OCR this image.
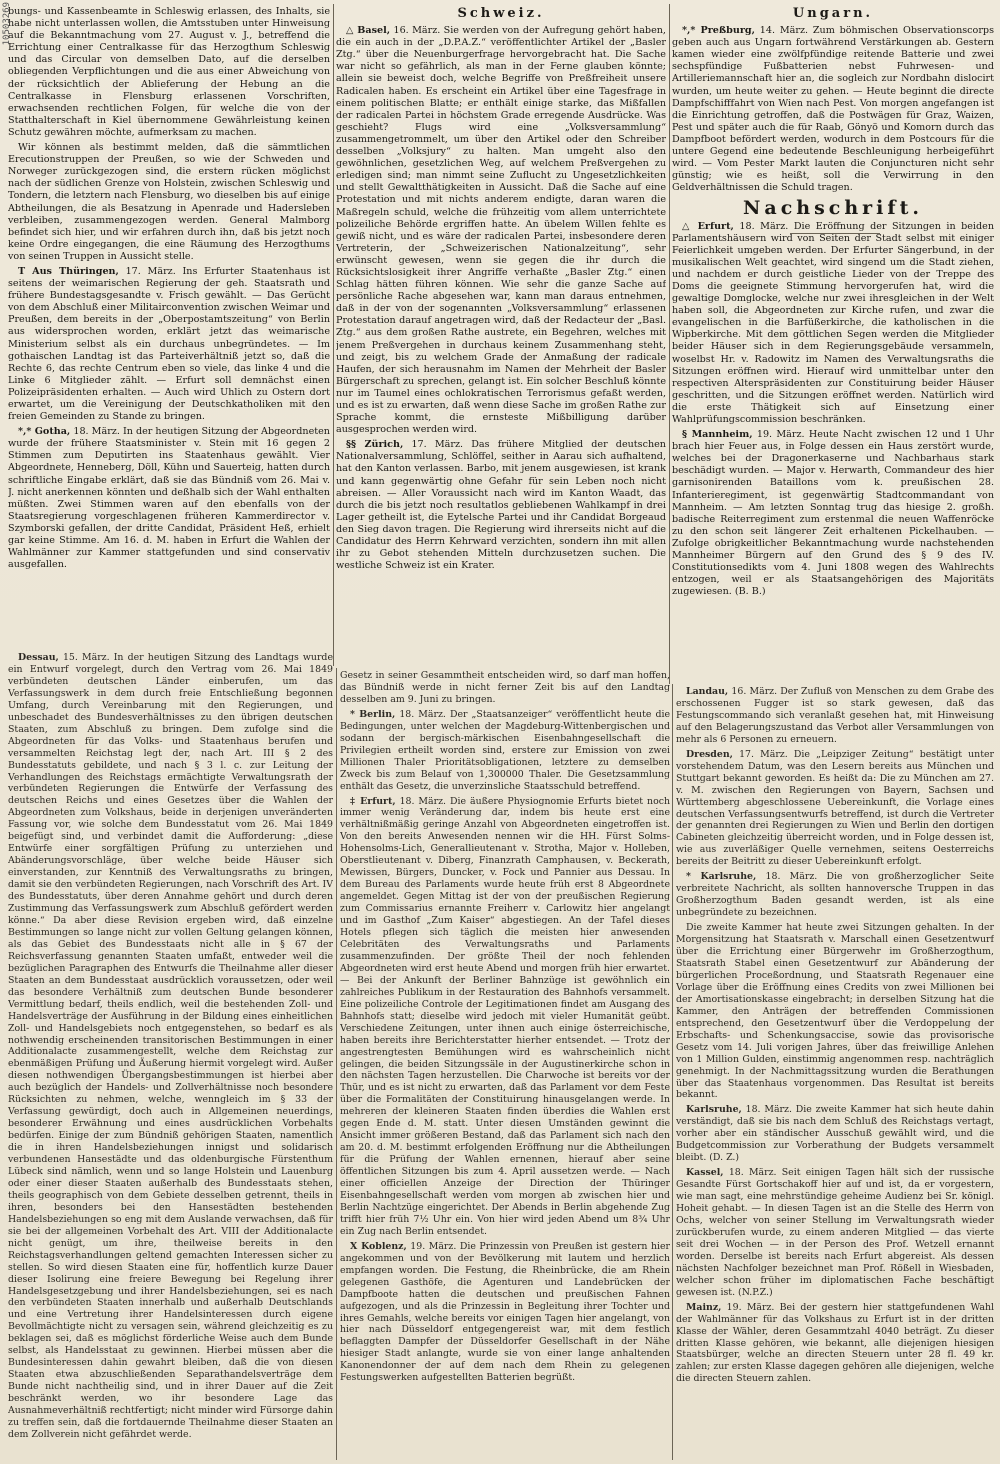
10503269

bungs- und Kassenbeamte in Schleswig erlassen, des Inhalts, sie habe nicht unterlassen wollen, die Amtsstuben unter Hinweisung auf die Bekanntmachung vom 27. August v. J., betreffend die Errichtung einer Centralkasse für das Herzogthum Schleswig und das Circular von demselben Dato, auf die derselben obliegenden Verpflichtungen und die aus einer Abweichung von der rücksichtlich der Ablieferung der Hebung an die Centralkasse in Flensburg erlassenen Vorschriften, erwachsenden rechtlichen Folgen, für welche die von der Statthalterschaft in Kiel übernommene Gewährleistung keinen Schutz gewähren möchte, aufmerksam zu machen.

Wir können als bestimmt melden, daß die sämmtlichen Erecutionstruppen der Preußen, so wie der Schweden und Norweger zurückgezogen sind, die erstern rücken möglichst nach der südlichen Grenze von Holstein, zwischen Schleswig und Tondern, die letztern nach Flensburg, wo dieselben bis auf einige Abtheilungen, die als Besatzung in Apenrade und Hadersleben verbleiben, zusammengezogen werden. General Malmborg befindet sich hier, und wir erfahren durch ihn, daß bis jetzt noch keine Ordre eingegangen, die eine Räumung des Herzogthums von seinen Truppen in Aussicht stelle.

T Aus Thüringen, 17. März. Ins Erfurter Staatenhaus ist seitens der weimarischen Regierung der geh. Staatsrath und frühere Bundestagsgesandte v. Frisch gewählt. — Das Gerücht von dem Abschluß einer Militairconvention zwischen Weimar und Preußen, dem bereits in der „Oberpostamtszeitung“ von Berlin aus widersprochen worden, erklärt jetzt das weimarische Ministerium selbst als ein durchaus unbegründetes. — Im gothaischen Landtag ist das Parteiverhältniß jetzt so, daß die Rechte 6, das rechte Centrum eben so viele, das linke 4 und die Linke 6 Mitglieder zählt. — Erfurt soll demnächst einen Polizeipräsidenten erhalten. — Auch wird Uhlich zu Ostern dort erwartet, um die Vereinigung der Deutschkatholiken mit den freien Gemeinden zu Stande zu bringen.

*,* Gotha, 18. März. In der heutigen Sitzung der Abgeordneten wurde der frühere Staatsminister v. Stein mit 16 gegen 2 Stimmen zum Deputirten ins Staatenhaus gewählt. Vier Abgeordnete, Henneberg, Döll, Kühn und Sauerteig, hatten durch schriftliche Eingabe erklärt, daß sie das Bündniß vom 26. Mai v. J. nicht anerkennen könnten und deßhalb sich der Wahl enthalten müßten. Zwei Stimmen waren auf den ebenfalls von der Staatsregierung vorgeschlagenen früheren Kammerdirector v. Szymborski gefallen, der dritte Candidat, Präsident Heß, erhielt gar keine Stimme. Am 16. d. M. haben in Erfurt die Wahlen der Wahlmänner zur Kammer stattgefunden und sind conservativ ausgefallen.

Schweiz.

△ Basel, 16. März. Sie werden von der Aufregung gehört haben, die ein auch in der „D.P.A.Z.“ veröffentlichter Artikel der „Basler Ztg.“ über die Neuenburgerfrage hervorgebracht hat. Die Sache war nicht so gefährlich, als man in der Ferne glauben könnte; allein sie beweist doch, welche Begriffe von Preßfreiheit unsere Radicalen haben. Es erscheint ein Artikel über eine Tagesfrage in einem politischen Blatte; er enthält einige starke, das Mißfallen der radicalen Partei in höchstem Grade erregende Ausdrücke. Was geschieht? Flugs wird eine „Volksversammlung“ zusammengetrommelt, um über den Artikel oder den Schreiber desselben „Volksjury“ zu halten. Man umgeht also den gewöhnlichen, gesetzlichen Weg, auf welchem Preßvergehen zu erledigen sind; man nimmt seine Zuflucht zu Ungesetzlichkeiten und stellt Gewaltthätigkeiten in Aussicht. Daß die Sache auf eine Protestation und mit nichts anderem endigte, daran waren die Maßregeln schuld, welche die frühzeitig vom allem unterrichtete polizeiliche Behörde ergriffen hatte. An übelem Willen fehlte es gewiß nicht, und es wäre der radicalen Partei, insbesondere deren Vertreterin, der „Schweizerischen Nationalzeitung“, sehr erwünscht gewesen, wenn sie gegen die ihr durch die Rücksichtslosigkeit ihrer Angriffe verhaßte „Basler Ztg.“ einen Schlag hätten führen können. Wie sehr die ganze Sache auf persönliche Rache abgesehen war, kann man daraus entnehmen, daß in der von der sogenannten „Volksversammlung“ erlassenen Protestation darauf angetragen wird, daß der Redacteur der „Basl. Ztg.“ aus dem großen Rathe austrete, ein Begehren, welches mit jenem Preßvergehen in durchaus keinem Zusammenhang steht, und zeigt, bis zu welchem Grade der Anmaßung der radicale Haufen, der sich herausnahm im Namen der Mehrheit der Basler Bürgerschaft zu sprechen, gelangt ist. Ein solcher Beschluß könnte nur im Taumel eines ochlokratischen Terrorismus gefaßt werden, und es ist zu erwarten, daß wenn diese Sache im großen Rathe zur Sprache kommt, die ernsteste Mißbilligung darüber ausgesprochen werden wird.

§§ Zürich, 17. März. Das frühere Mitglied der deutschen Nationalversammlung, Schlöffel, seither in Aarau sich aufhaltend, hat den Kanton verlassen. Barbo, mit jenem ausgewiesen, ist krank und kann gegenwärtig ohne Gefahr für sein Leben noch nicht abreisen. — Aller Voraussicht nach wird im Kanton Waadt, das durch die bis jetzt noch resultatlos gebliebenen Wahlkampf in drei Lager getheilt ist, die Eytelsche Partei und ihr Candidat Borgeaud den Sieg davon tragen. Die Regierung wird ihrerseits nicht auf die Candidatur des Herrn Kehrward verzichten, sondern ihn mit allen ihr zu Gebot stehenden Mitteln durchzusetzen suchen. Die westliche Schweiz ist ein Krater.

Ungarn.

*,* Preßburg, 14. März. Zum böhmischen Observationscorps geben auch aus Ungarn fortwährend Verstärkungen ab. Gestern kamen wieder eine zwölfpfündige reitende Batterie und zwei sechspfündige Fußbatterien nebst Fuhrwesen- und Artilleriemannschaft hier an, die sogleich zur Nordbahn dislocirt wurden, um heute weiter zu gehen. — Heute beginnt die directe Dampfschifffahrt von Wien nach Pest. Von morgen angefangen ist die Einrichtung getroffen, daß die Postwägen für Graz, Waizen, Pest und später auch die für Raab, Gönyö und Komorn durch das Dampfboot befördert werden, wodurch in dem Postcours für die untere Gegend eine bedeutende Beschleunigung herbeigeführt wird. — Vom Pester Markt lauten die Conjuncturen nicht sehr günstig; wie es heißt, soll die Verwirrung in den Geldverhältnissen die Schuld tragen.

Nachschrift.

△ Erfurt, 18. März. Die Eröffnung der Sitzungen in beiden Parlamentshäusern wird von Seiten der Stadt selbst mit einiger Feierlichkeit umgeben werden. Der Erfurter Sängerbund, in der musikalischen Welt geachtet, wird singend um die Stadt ziehen, und nachdem er durch geistliche Lieder von der Treppe des Doms die geeignete Stimmung hervorgerufen hat, wird die gewaltige Domglocke, welche nur zwei ihresgleichen in der Welt haben soll, die Abgeordneten zur Kirche rufen, und zwar die evangelischen in die Barfüßerkirche, die katholischen in die Wipberkirche. Mit dem göttlichen Segen werden die Mitglieder beider Häuser sich in dem Regierungsgebäude versammeln, woselbst Hr. v. Radowitz im Namen des Verwaltungsraths die Sitzungen eröffnen wird. Hierauf wird unmittelbar unter den respectiven Alterspräsidenten zur Constituirung beider Häuser geschritten, und die Sitzungen eröffnet werden. Natürlich wird die erste Thätigkeit sich auf Einsetzung einer Wahlprüfungscommission beschränken.

§ Mannheim, 19. März. Heute Nacht zwischen 12 und 1 Uhr brach hier Feuer aus, in Folge dessen ein Haus zerstört wurde, welches bei der Dragonerkaserne und Nachbarhaus stark beschädigt wurden. — Major v. Herwarth, Commandeur des hier garnisonirenden Bataillons vom k. preußischen 28. Infanterieregiment, ist gegenwärtig Stadtcommandant von Mannheim. — Am letzten Sonntag trug das hiesige 2. großh. badische Reiterregiment zum erstenmal die neuen Waffenröcke zu den schon seit längerer Zeit erhaltenen Pickelhauben. — Zufolge obrigkeitlicher Bekanntmachung wurde nachstehenden Mannheimer Bürgern auf den Grund des § 9 des IV. Constitutionsedikts vom 4. Juni 1808 wegen des Wahlrechts entzogen, weil er als Staatsangehörigen des Majoritäts zugewiesen. (B. B.)

Dessau, 15. März. In der heutigen Sitzung des Landtags wurde ein Entwurf vorgelegt, durch den Vertrag vom 26. Mai 1849 verbündeten deutschen Länder einberufen, um das Verfassungswerk in dem durch freie Entschließung begonnen Umfang, durch Vereinbarung mit den Regierungen, und unbeschadet des Bundesverhältnisses zu den übrigen deutschen Staaten, zum Abschluß zu bringen. Dem zufolge sind die Abgeordneten für das Volks- und Staatenhaus berufen und versammelten Reichstag legt der, nach Art. III § 2 des Bundesstatuts gebildete, und nach § 3 l. c. zur Leitung der Verhandlungen des Reichstags ermächtigte Verwaltungsrath der verbündeten Regierungen die Entwürfe der Verfassung des deutschen Reichs und eines Gesetzes über die Wahlen der Abgeordneten zum Volkshaus, beide in derjenigen unveränderten Fassung vor, wie solche dem Bundesstatut vom 26. Mai 1849 beigefügt sind, und verbindet damit die Aufforderung: „diese Entwürfe einer sorgfältigen Prüfung zu unterziehen und Abänderungsvorschläge, über welche beide Häuser sich einverstanden, zur Kenntniß des Verwaltungsraths zu bringen, damit sie den verbündeten Regierungen, nach Vorschrift des Art. IV des Bundesstatuts, über deren Annahme gehört und durch deren Zustimmung das Verfassungswerk zum Abschluß gefördert werden könne.“ Da aber diese Revision ergeben wird, daß einzelne Bestimmungen so lange nicht zur vollen Geltung gelangen können, als das Gebiet des Bundesstaats nicht alle in § 67 der Reichsverfassung genannten Staaten umfaßt, entweder weil die bezüglichen Paragraphen des Entwurfs die Theilnahme aller dieser Staaten an dem Bundesstaat ausdrücklich voraussetzen, oder weil das besondere Verhältniß zum deutschen Bunde besonderer Vermittlung bedarf, theils endlich, weil die bestehenden Zoll- und Handelsverträge der Ausführung in der Bildung eines einheitlichen Zoll- und Handelsgebiets noch entgegenstehen, so bedarf es als nothwendig erscheinenden transitorischen Bestimmungen in einer Additionalacte zusammengestellt, welche dem Reichstag zur ebenmäßigen Prüfung und Äußerung hiermit vorgelegt wird. Außer diesen nothwendigen Übergangsbestimmungen ist hierbei aber auch bezüglich der Handels- und Zollverhältnisse noch besondere Rücksichten zu nehmen, welche, wenngleich im § 33 der Verfassung gewürdigt, doch auch in Allgemeinen neuerdings, besonderer Erwähnung und eines ausdrücklichen Vorbehalts bedürfen. Einige der zum Bündniß gehörigen Staaten, namentlich die in ihren Handelsbeziehungen innigst und solidarisch verbundenen Hansestädte und das oldenburgische Fürstenthum Lübeck sind nämlich, wenn und so lange Holstein und Lauenburg oder einer dieser Staaten außerhalb des Bundesstaats stehen, theils geographisch von dem Gebiete desselben getrennt, theils in ihren, besonders bei den Hansestädten bestehenden Handelsbeziehungen so eng mit dem Auslande verwachsen, daß für sie bei der allgemeinen Vorbehalt des Art. VIII der Additionalacte nicht genügt, um ihre, theilweise bereits in den Reichstagsverhandlungen geltend gemachten Interessen sicher zu stellen. So wird diesen Staaten eine für, hoffentlich kurze Dauer dieser Isolirung eine freiere Bewegung bei Regelung ihrer Handelsgesetzgebung und ihrer Handelsbeziehungen, sei es nach den verbündeten Staaten innerhalb und außerhalb Deutschlands und eine Vertretung ihrer Handelsinteressen durch eigene Bevollmächtigte nicht zu versagen sein, während gleichzeitig es zu beklagen sei, daß es möglichst förderliche Weise auch dem Bunde selbst, als Handelsstaat zu gewinnen. Hierbei müssen aber die Bundesinteressen dahin gewahrt bleiben, daß die von diesen Staaten etwa abzuschließenden Separathandelsverträge dem Bunde nicht nachtheilig sind, und in ihrer Dauer auf die Zeit beschränkt werden, wo ihr besondere Lage das Ausnahmeverhältniß rechtfertigt; nicht minder wird Fürsorge dahin zu treffen sein, daß die fortdauernde Theilnahme dieser Staaten an dem Zollverein nicht gefährdet werde.

Gesetz in seiner Gesammtheit entscheiden wird, so darf man hoffen, das Bündniß werde in nicht ferner Zeit bis auf den Landtag desselben am 9. Juni zu bringen.

* Berlin, 18. März. Der „Staatsanzeiger“ veröffentlicht heute die Bedingungen, unter welchen der Magdeburg-Wittenbergischen und sodann der bergisch-märkischen Eisenbahngesellschaft die Privilegien ertheilt worden sind, erstere zur Emission von zwei Millionen Thaler Prioritätsobligationen, letztere zu demselben Zweck bis zum Belauf von 1,300000 Thaler. Die Gesetzsammlung enthält das Gesetz, die unverzinsliche Staatsschuld betreffend.

‡ Erfurt, 18. März. Die äußere Physiognomie Erfurts bietet noch immer wenig Veränderung dar, indem bis heute erst eine verhältnißmäßig geringe Anzahl von Abgeordneten eingetroffen ist. Von den bereits Anwesenden nennen wir die HH. Fürst Solms-Hohensolms-Lich, Generallieutenant v. Strotha, Major v. Holleben, Oberstlieutenant v. Diberg, Finanzrath Camphausen, v. Beckerath, Mewissen, Bürgers, Duncker, v. Fock und Pannier aus Dessau. In dem Bureau des Parlaments wurde heute früh erst 8 Abgeordnete angemeldet. Gegen Mittag ist der von der preußischen Regierung zum Commissarius ernannte Freiherr v. Carlowitz hier angelangt und im Gasthof „Zum Kaiser“ abgestiegen. An der Tafel dieses Hotels pflegen sich täglich die meisten hier anwesenden Celebritäten des Verwaltungsraths und Parlaments zusammenzufinden. Der größte Theil der noch fehlenden Abgeordneten wird erst heute Abend und morgen früh hier erwartet. — Bei der Ankunft der Berliner Bahnzüge ist gewöhnlich ein zahlreiches Publikum in der Restauration des Bahnhofs versammelt. Eine polizeiliche Controle der Legitimationen findet am Ausgang des Bahnhofs statt; dieselbe wird jedoch mit vieler Humanität geübt. Verschiedene Zeitungen, unter ihnen auch einige österreichische, haben bereits ihre Berichterstatter hierher entsendet. — Trotz der angestrengtesten Bemühungen wird es wahrscheinlich nicht gelingen, die beiden Sitzungssäle in der Augustinerkirche schon in den nächsten Tagen herzustellen. Die Charwoche ist bereits vor der Thür, und es ist nicht zu erwarten, daß das Parlament vor dem Feste über die Formalitäten der Constituirung hinausgelangen werde. In mehreren der kleineren Staaten finden überdies die Wahlen erst gegen Ende d. M. statt. Unter diesen Umständen gewinnt die Ansicht immer größeren Bestand, daß das Parlament sich nach den am 20. d. M. bestimmt erfolgenden Eröffnung nur die Abtheilungen für die Prüfung der Wahlen ernennen, hierauf aber seine öffentlichen Sitzungen bis zum 4. April aussetzen werde. — Nach einer officiellen Anzeige der Direction der Thüringer Eisenbahngesellschaft werden vom morgen ab zwischen hier und Berlin Nachtzüge eingerichtet. Der Abends in Berlin abgehende Zug trifft hier früh 7½ Uhr ein. Von hier wird jeden Abend um 8¾ Uhr ein Zug nach Berlin entsendet.

X Koblenz, 19. März. Die Prinzessin von Preußen ist gestern hier angekommen und von der Bevölkerung mit lautem und herzlich empfangen worden. Die Festung, die Rheinbrücke, die am Rhein gelegenen Gasthöfe, die Agenturen und Landebrücken der Dampfboote hatten die deutschen und preußischen Fahnen aufgezogen, und als die Prinzessin in Begleitung ihrer Tochter und ihres Gemahls, welche bereits vor einigen Tagen hier angelangt, von hier nach Düsseldorf entgegengereist war, mit dem festlich beflaggten Dampfer der Düsseldorfer Gesellschaft in der Nähe hiesiger Stadt anlangte, wurde sie von einer lange anhaltenden Kanonendonner der auf dem nach dem Rhein zu gelegenen Festungswerken aufgestellten Batterien begrüßt.

Landau, 16. März. Der Zufluß von Menschen zu dem Grabe des erschossenen Fugger ist so stark gewesen, daß das Festungscommando sich veranlaßt gesehen hat, mit Hinweisung auf den Belagerungszustand das Verbot aller Versammlungen von mehr als 6 Personen zu erneuern.

Dresden, 17. März. Die „Leipziger Zeitung“ bestätigt unter vorstehendem Datum, was den Lesern bereits aus München und Stuttgart bekannt geworden. Es heißt da: Die zu München am 27. v. M. zwischen den Regierungen von Bayern, Sachsen und Württemberg abgeschlossene Uebereinkunft, die Vorlage eines deutschen Verfassungsentwurfs betreffend, ist durch die Vertreter der genannten drei Regierungen zu Wien und Berlin den dortigen Cabineten gleichzeitig überreicht worden, und in Folge dessen ist, wie aus zuverläßiger Quelle vernehmen, seitens Oesterreichs bereits der Beitritt zu dieser Uebereinkunft erfolgt.

* Karlsruhe, 18. März. Die von großherzoglicher Seite verbreitete Nachricht, als sollten hannoversche Truppen in das Großherzogthum Baden gesandt werden, ist als eine unbegründete zu bezeichnen.

Die zweite Kammer hat heute zwei Sitzungen gehalten. In der Morgensitzung hat Staatsrath v. Marschall einen Gesetzentwurf über die Errichtung einer Bürgerwehr im Großherzogthum, Staatsrath Stabel einen Gesetzentwurf zur Abänderung der bürgerlichen Proceßordnung, und Staatsrath Regenauer eine Vorlage über die Eröffnung eines Credits von zwei Millionen bei der Amortisationskasse eingebracht; in derselben Sitzung hat die Kammer, den Anträgen der betreffenden Commissionen entsprechend, den Gesetzentwurf über die Verdoppelung der Erbschafts- und Schenkungsaccise, sowie das provisorische Gesetz vom 14. Juli vorigen Jahres, über das freiwillige Anlehen von 1 Million Gulden, einstimmig angenommen resp. nachträglich genehmigt. In der Nachmittagssitzung wurden die Berathungen über das Staatenhaus vorgenommen. Das Resultat ist bereits bekannt.

Karlsruhe, 18. März. Die zweite Kammer hat sich heute dahin verständigt, daß sie bis nach dem Schluß des Reichstags vertagt, vorher aber ein ständischer Ausschuß gewählt wird, und die Budgetcommission zur Vorberathung der Budgets versammelt bleibt. (D. Z.)

Kassel, 18. März. Seit einigen Tagen hält sich der russische Gesandte Fürst Gortschakoff hier auf und ist, da er vorgestern, wie man sagt, eine mehrstündige geheime Audienz bei Sr. königl. Hoheit gehabt. — In diesen Tagen ist an die Stelle des Herrn von Ochs, welcher von seiner Stellung im Verwaltungsrath wieder zurückberufen wurde, zu einem anderen Mitglied — das vierte seit drei Wochen — in der Person des Prof. Wetzell ernannt worden. Derselbe ist bereits nach Erfurt abgereist. Als dessen nächsten Nachfolger bezeichnet man Prof. Rößell in Wiesbaden, welcher schon früher im diplomatischen Fache beschäftigt gewesen ist. (N.P.Z.)

Mainz, 19. März. Bei der gestern hier stattgefundenen Wahl der Wahlmänner für das Volkshaus zu Erfurt ist in der dritten Klasse der Wähler, deren Gesammtzahl 4040 beträgt. Zu dieser dritten Klasse gehören, wie bekannt, alle diejenigen hiesigen Staatsbürger, welche an directen Steuern unter 28 fl. 49 kr. zahlen; zur ersten Klasse dagegen gehören alle diejenigen, welche die directen Steuern zahlen.
